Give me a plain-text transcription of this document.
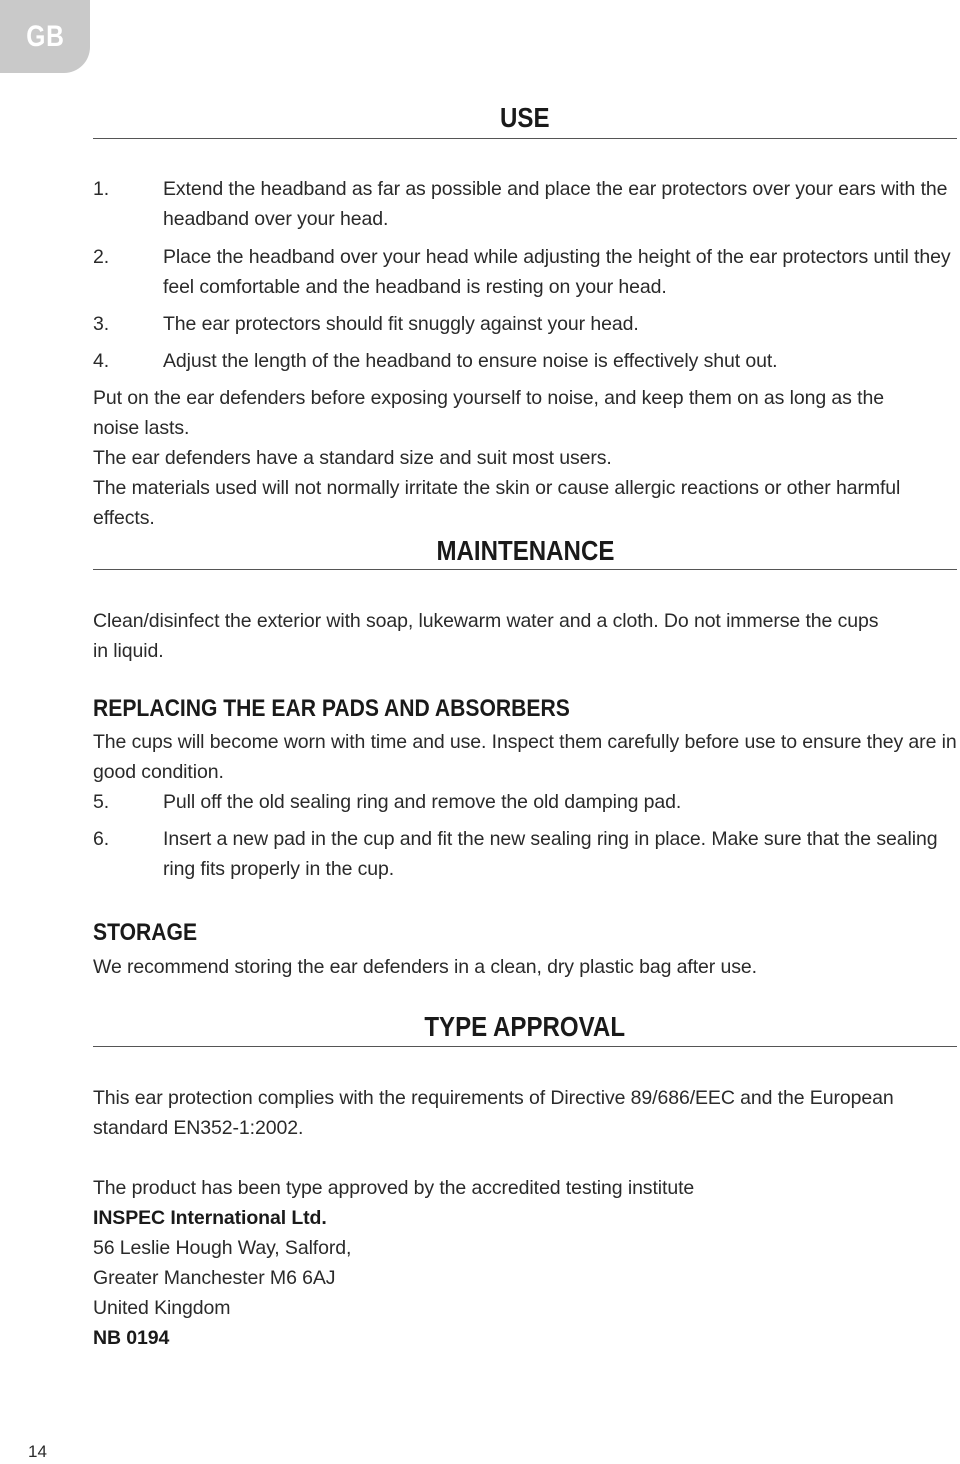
GB
USE
1.	Extend the headband as far as possible and place the ear protectors over your ears with the
headband over your head.
2.	Place the headband over your head while adjusting the height of the ear protectors until they
feel comfortable and the headband is resting on your head.
3.	The ear protectors should fit snuggly against your head.
4.	Adjust the length of the headband to ensure noise is effectively shut out.
Put on the ear defenders before exposing yourself to noise, and keep them on as long as the
noise lasts.
The ear defenders have a standard size and suit most users.
The materials used will not normally irritate the skin or cause allergic reactions or other harmful
effects.
MAINTENANCE
Clean/disinfect the exterior with soap, lukewarm water and a cloth. Do not immerse the cups
in liquid.
REPLACING THE EAR PADS AND ABSORBERS
The cups will become worn with time and use. Inspect them carefully before use to ensure they are in
good condition.
5.	Pull off the old sealing ring and remove the old damping pad.
6.	Insert a new pad in the cup and fit the new sealing ring in place. Make sure that the sealing
ring fits properly in the cup.
STORAGE
We recommend storing the ear defenders in a clean, dry plastic bag after use.
TYPE APPROVAL
This ear protection complies with the requirements of Directive 89/686/EEC and the European
standard EN352-1:2002.
The product has been type approved by the accredited testing institute
INSPEC International Ltd.
56 Leslie Hough Way, Salford,
Greater Manchester M6 6AJ
United Kingdom
NB 0194
14
